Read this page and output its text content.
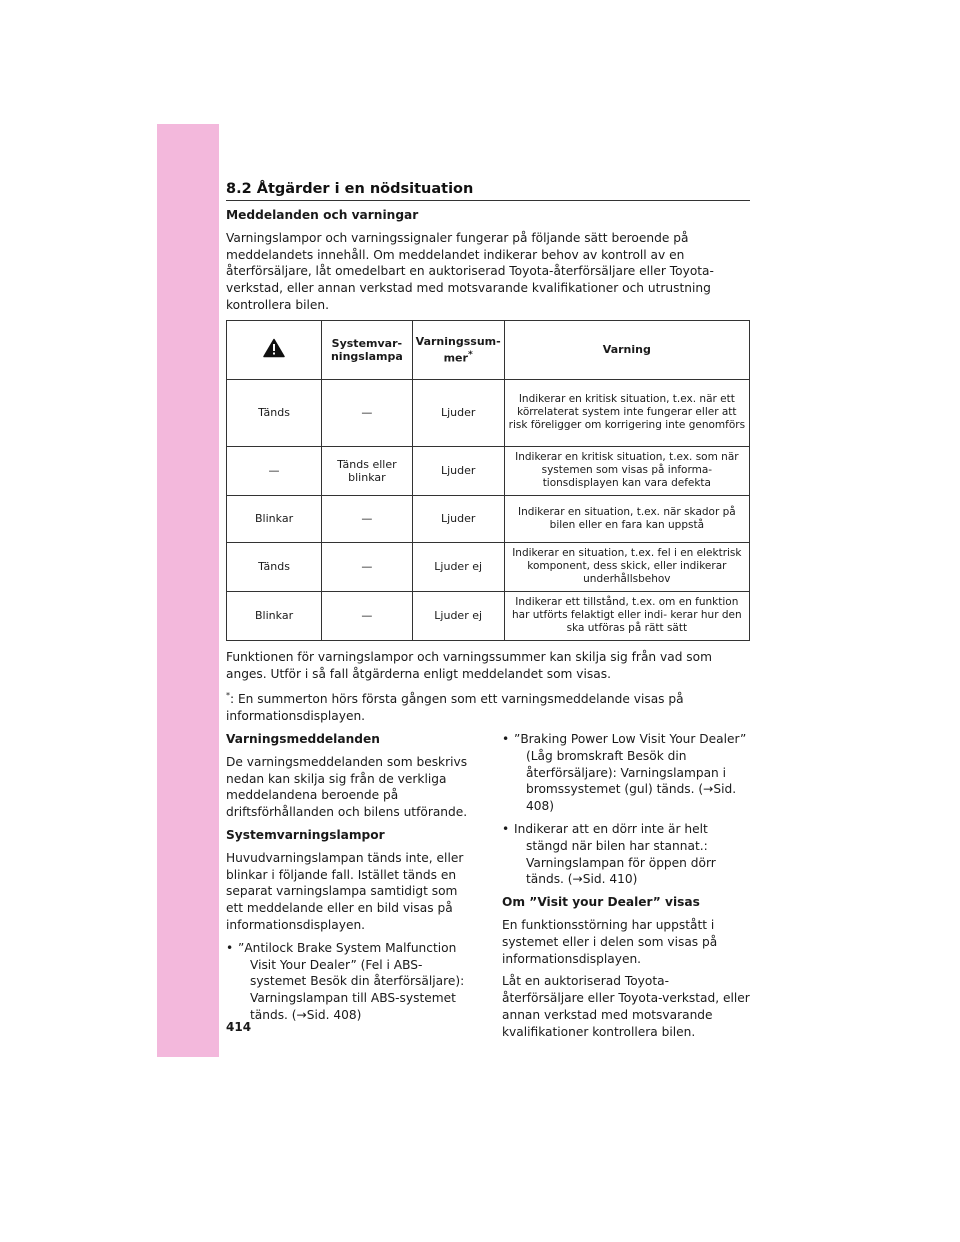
8.2 Åtgärder i en nödsituation

Meddelanden och varningar

Varningslampor och varningssignaler fungerar på följande sätt beroende på meddelandets innehåll. Om meddelandet indikerar behov av kontroll av en återförsäljare, låt omedelbart en auktoriserad Toyota-återförsäljare eller Toyota-verkstad, eller annan verkstad med motsvarande kvalifikationer och utrustning kontrollera bilen.

	Systemvar- ningslampa	Varningssum- mer*	Varning
Tänds	—	Ljuder	Indikerar en kritisk situation, t.ex. när ett körrelaterat system inte fungerar eller att risk föreligger om korrigering inte genomförs
—	Tänds eller blinkar	Ljuder	Indikerar en kritisk situation, t.ex. som när systemen som visas på informa- tionsdisplayen kan vara defekta
Blinkar	—	Ljuder	Indikerar en situation, t.ex. när skador på bilen eller en fara kan uppstå
Tänds	—	Ljuder ej	Indikerar en situation, t.ex. fel i en elektrisk komponent, dess skick, eller indikerar underhållsbehov
Blinkar	—	Ljuder ej	Indikerar ett tillstånd, t.ex. om en funktion har utförts felaktigt eller indi- kerar hur den ska utföras på rätt sätt

Funktionen för varningslampor och varningssummer kan skilja sig från vad som anges. Utför i så fall åtgärderna enligt meddelandet som visas.

*: En summerton hörs första gången som ett varningsmeddelande visas på informationsdisplayen.

Varningsmeddelanden

De varningsmeddelanden som beskrivs nedan kan skilja sig från de verkliga meddelandena beroende på driftsförhållanden och bilens utförande.

Systemvarningslampor

Huvudvarningslampan tänds inte, eller blinkar i följande fall. Istället tänds en separat varningslampa samtidigt som ett meddelande eller en bild visas på informationsdisplayen.

• ”Antilock Brake System Malfunction
Visit Your Dealer” (Fel i ABS-systemet Besök din återförsäljare): Varningslampan till ABS-systemet tänds. (→Sid. 408)
• ”Braking Power Low Visit Your Dealer”
(Låg bromskraft Besök din återförsäljare): Varningslampan i bromssystemet (gul) tänds. (→Sid. 408)
• Indikerar att en dörr inte är helt
stängd när bilen har stannat.: Varningslampan för öppen dörr tänds. (→Sid. 410)

Om ”Visit your Dealer” visas

En funktionsstörning har uppstått i systemet eller i delen som visas på informationsdisplayen.

Låt en auktoriserad Toyota- återförsäljare eller Toyota-verkstad, eller annan verkstad med motsvarande kvalifikationer kontrollera bilen.

414
